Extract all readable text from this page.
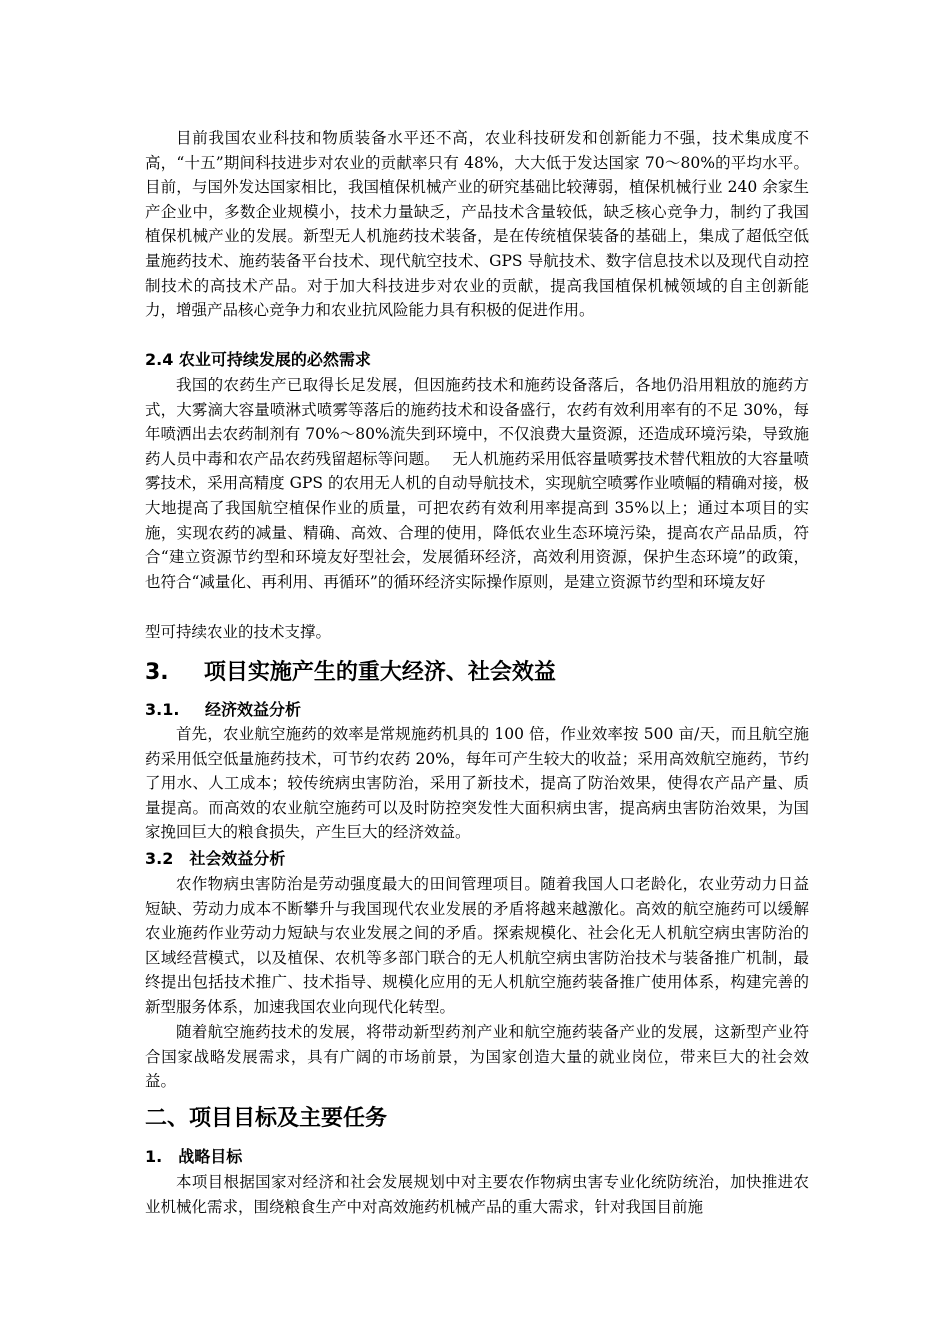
目前我国农业科技和物质装备水平还不高，农业科技研发和创新能力不强，技术集成度不高，“十五”期间科技进步对农业的贡献率只有 48%，大大低于发达国家 70～80%的平均水平。目前，与国外发达国家相比，我国植保机械产业的研究基础比较薄弱，植保机械行业 240 余家生产企业中，多数企业规模小，技术力量缺乏，产品技术含量较低，缺乏核心竞争力，制约了我国植保机械产业的发展。新型无人机施药技术装备，是在传统植保装备的基础上，集成了超低空低量施药技术、施药装备平台技术、现代航空技术、GPS 导航技术、数字信息技术以及现代自动控制技术的高技术产品。对于加大科技进步对农业的贡献，提高我国植保机械领域的自主创新能力，增强产品核心竞争力和农业抗风险能力具有积极的促进作用。

2.4 农业可持续发展的必然需求

我国的农药生产已取得长足发展，但因施药技术和施药设备落后，各地仍沿用粗放的施药方式，大雾滴大容量喷淋式喷雾等落后的施药技术和设备盛行，农药有效利用率有的不足 30%，每年喷洒出去农药制剂有 70%～80%流失到环境中，不仅浪费大量资源，还造成环境污染，导致施药人员中毒和农产品农药残留超标等问题。　 无人机施药采用低容量喷雾技术替代粗放的大容量喷雾技术，采用高精度 GPS 的农用无人机的自动导航技术，实现航空喷雾作业喷幅的精确对接，极大地提高了我国航空植保作业的质量，可把农药有效利用率提高到 35%以上；通过本项目的实施，实现农药的减量、精确、高效、合理的使用，降低农业生态环境污染，提高农产品品质，符合“建立资源节约型和环境友好型社会，发展循环经济，高效利用资源，保护生态环境”的政策，也符合“减量化、再利用、再循环”的循环经济实际操作原则，是建立资源节约型和环境友好

型可持续农业的技术支撑。

3. 项目实施产生的重大经济、社会效益
3.1. 经济效益分析

首先，农业航空施药的效率是常规施药机具的 100 倍，作业效率按 500 亩/天，而且航空施药采用低空低量施药技术，可节约农药 20%，每年可产生较大的收益；采用高效航空施药，节约了用水、人工成本；较传统病虫害防治，采用了新技术，提高了防治效果，使得农产品产量、质量提高。而高效的农业航空施药可以及时防控突发性大面积病虫害，提高病虫害防治效果，为国家挽回巨大的粮食损失，产生巨大的经济效益。

3.2 社会效益分析

农作物病虫害防治是劳动强度最大的田间管理项目。随着我国人口老龄化，农业劳动力日益短缺、劳动力成本不断攀升与我国现代农业发展的矛盾将越来越激化。高效的航空施药可以缓解农业施药作业劳动力短缺与农业发展之间的矛盾。探索规模化、社会化无人机航空病虫害防治的区域经营模式，以及植保、农机等多部门联合的无人机航空病虫害防治技术与装备推广机制，最终提出包括技术推广、技术指导、规模化应用的无人机航空施药装备推广使用体系，构建完善的新型服务体系，加速我国农业向现代化转型。

随着航空施药技术的发展，将带动新型药剂产业和航空施药装备产业的发展，这新型产业符合国家战略发展需求，具有广阔的市场前景，为国家创造大量的就业岗位，带来巨大的社会效益。

二、项目目标及主要任务
1. 战略目标

本项目根据国家对经济和社会发展规划中对主要农作物病虫害专业化统防统治，加快推进农业机械化需求，围绕粮食生产中对高效施药机械产品的重大需求，针对我国目前施
